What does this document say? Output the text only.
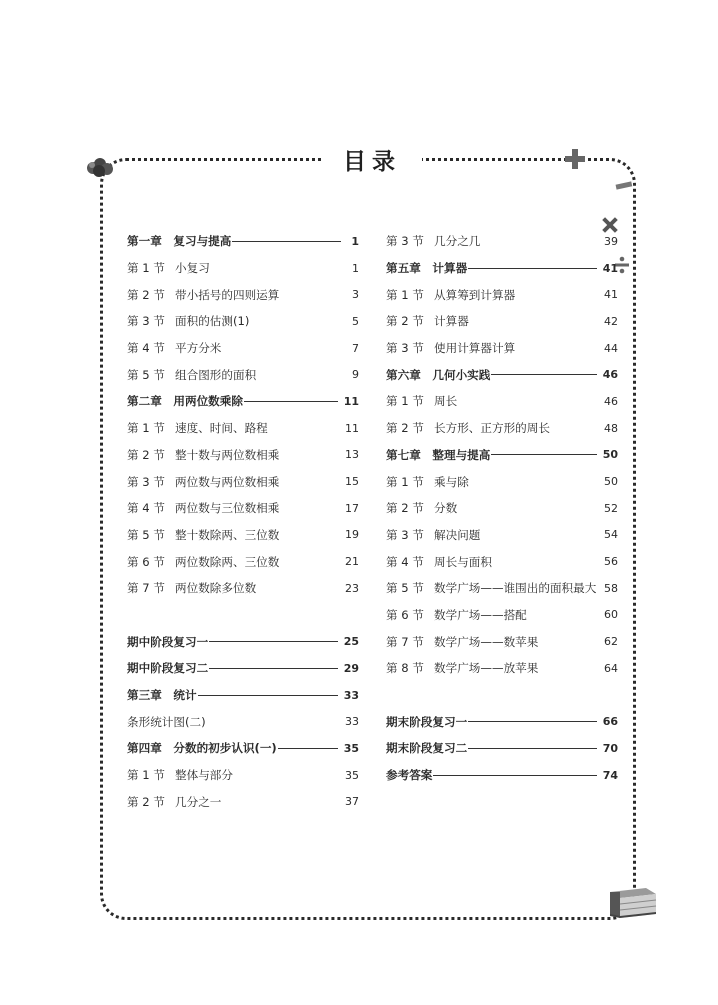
目录
第一章　复习与提高	1
第 1 节 小复习	1
第 2 节 带小括号的四则运算	3
第 3 节 面积的估测(1)	5
第 4 节 平方分米	7
第 5 节 组合图形的面积	9
第二章　用两位数乘除	11
第 1 节 速度、时间、路程	11
第 2 节 整十数与两位数相乘	13
第 3 节 两位数与两位数相乘	15
第 4 节 两位数与三位数相乘	17
第 5 节 整十数除两、三位数	19
第 6 节 两位数除两、三位数	21
第 7 节 两位数除多位数	23
期中阶段复习一	25
期中阶段复习二	29
第三章　统计	33
条形统计图(二)	33
第四章　分数的初步认识(一)	35
第 1 节 整体与部分	35
第 2 节 几分之一	37
第 3 节 几分之几	39
第五章　计算器	41
第 1 节 从算筹到计算器	41
第 2 节 计算器	42
第 3 节 使用计算器计算	44
第六章　几何小实践	46
第 1 节 周长	46
第 2 节 长方形、正方形的周长	48
第七章　整理与提高	50
第 1 节 乘与除	50
第 2 节 分数	52
第 3 节 解决问题	54
第 4 节 周长与面积	56
第 5 节 数学广场——谁围出的面积最大 58
第 6 节 数学广场——搭配	60
第 7 节 数学广场——数苹果	62
第 8 节 数学广场——放苹果	64
期末阶段复习一	66
期末阶段复习二	70
参考答案	74
